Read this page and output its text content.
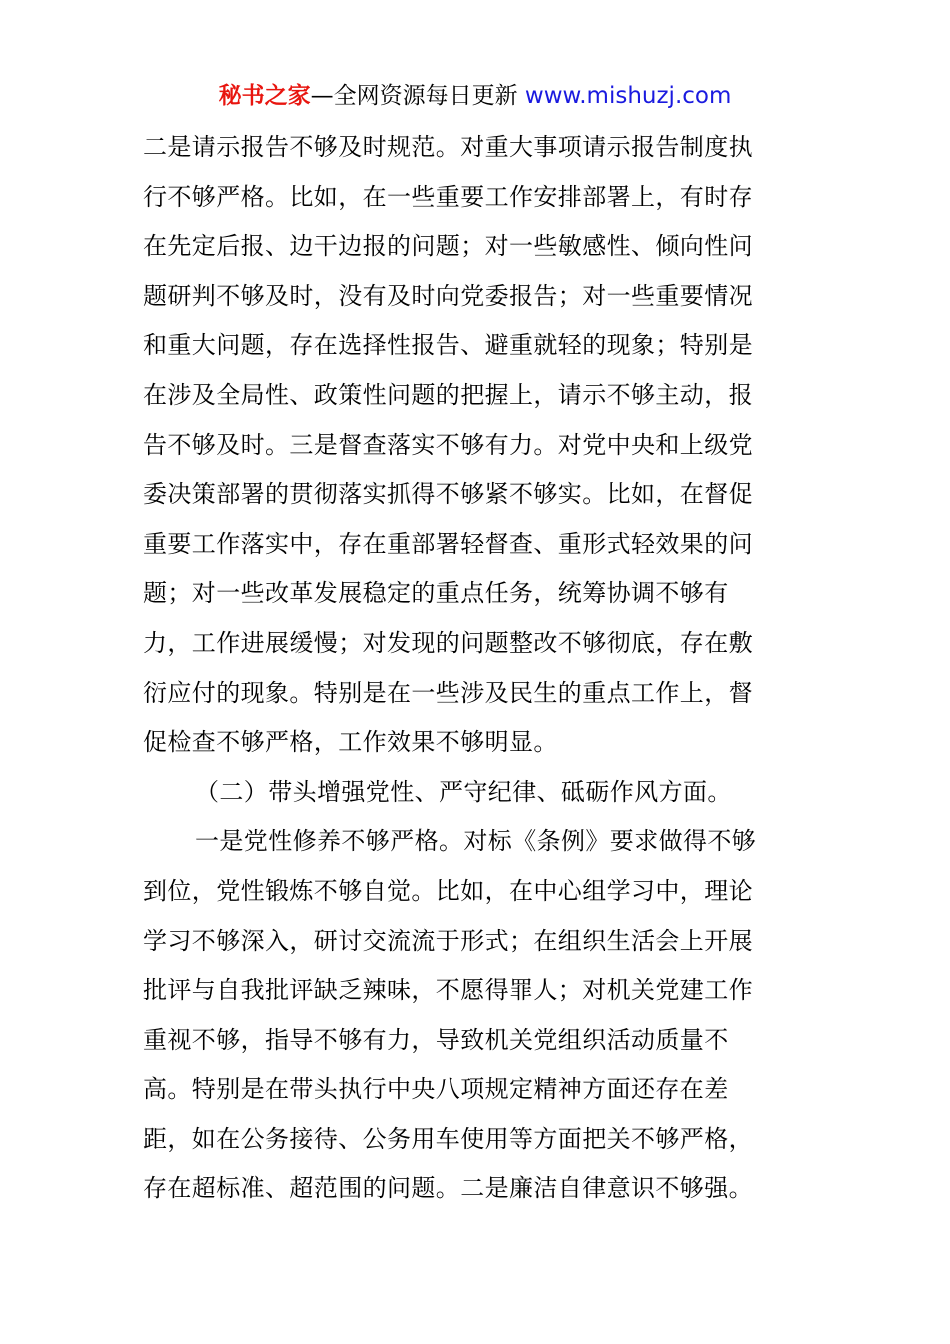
秘书之家—全网资源每日更新 www.mishuzj.com
二是请示报告不够及时规范。对重大事项请示报告制度执
行不够严格。比如，在一些重要工作安排部署上，有时存
在先定后报、边干边报的问题；对一些敏感性、倾向性问
题研判不够及时，没有及时向党委报告；对一些重要情况
和重大问题，存在选择性报告、避重就轻的现象；特别是
在涉及全局性、政策性问题的把握上，请示不够主动，报
告不够及时。三是督查落实不够有力。对党中央和上级党
委决策部署的贯彻落实抓得不够紧不够实。比如，在督促
重要工作落实中，存在重部署轻督查、重形式轻效果的问
题；对一些改革发展稳定的重点任务，统筹协调不够有
力，工作进展缓慢；对发现的问题整改不够彻底，存在敷
衍应付的现象。特别是在一些涉及民生的重点工作上，督
促检查不够严格，工作效果不够明显。
（二）带头增强党性、严守纪律、砥砺作风方面。
一是党性修养不够严格。对标《条例》要求做得不够
到位，党性锻炼不够自觉。比如，在中心组学习中，理论
学习不够深入，研讨交流流于形式；在组织生活会上开展
批评与自我批评缺乏辣味，不愿得罪人；对机关党建工作
重视不够，指导不够有力，导致机关党组织活动质量不
高。特别是在带头执行中央八项规定精神方面还存在差
距，如在公务接待、公务用车使用等方面把关不够严格，
存在超标准、超范围的问题。二是廉洁自律意识不够强。
